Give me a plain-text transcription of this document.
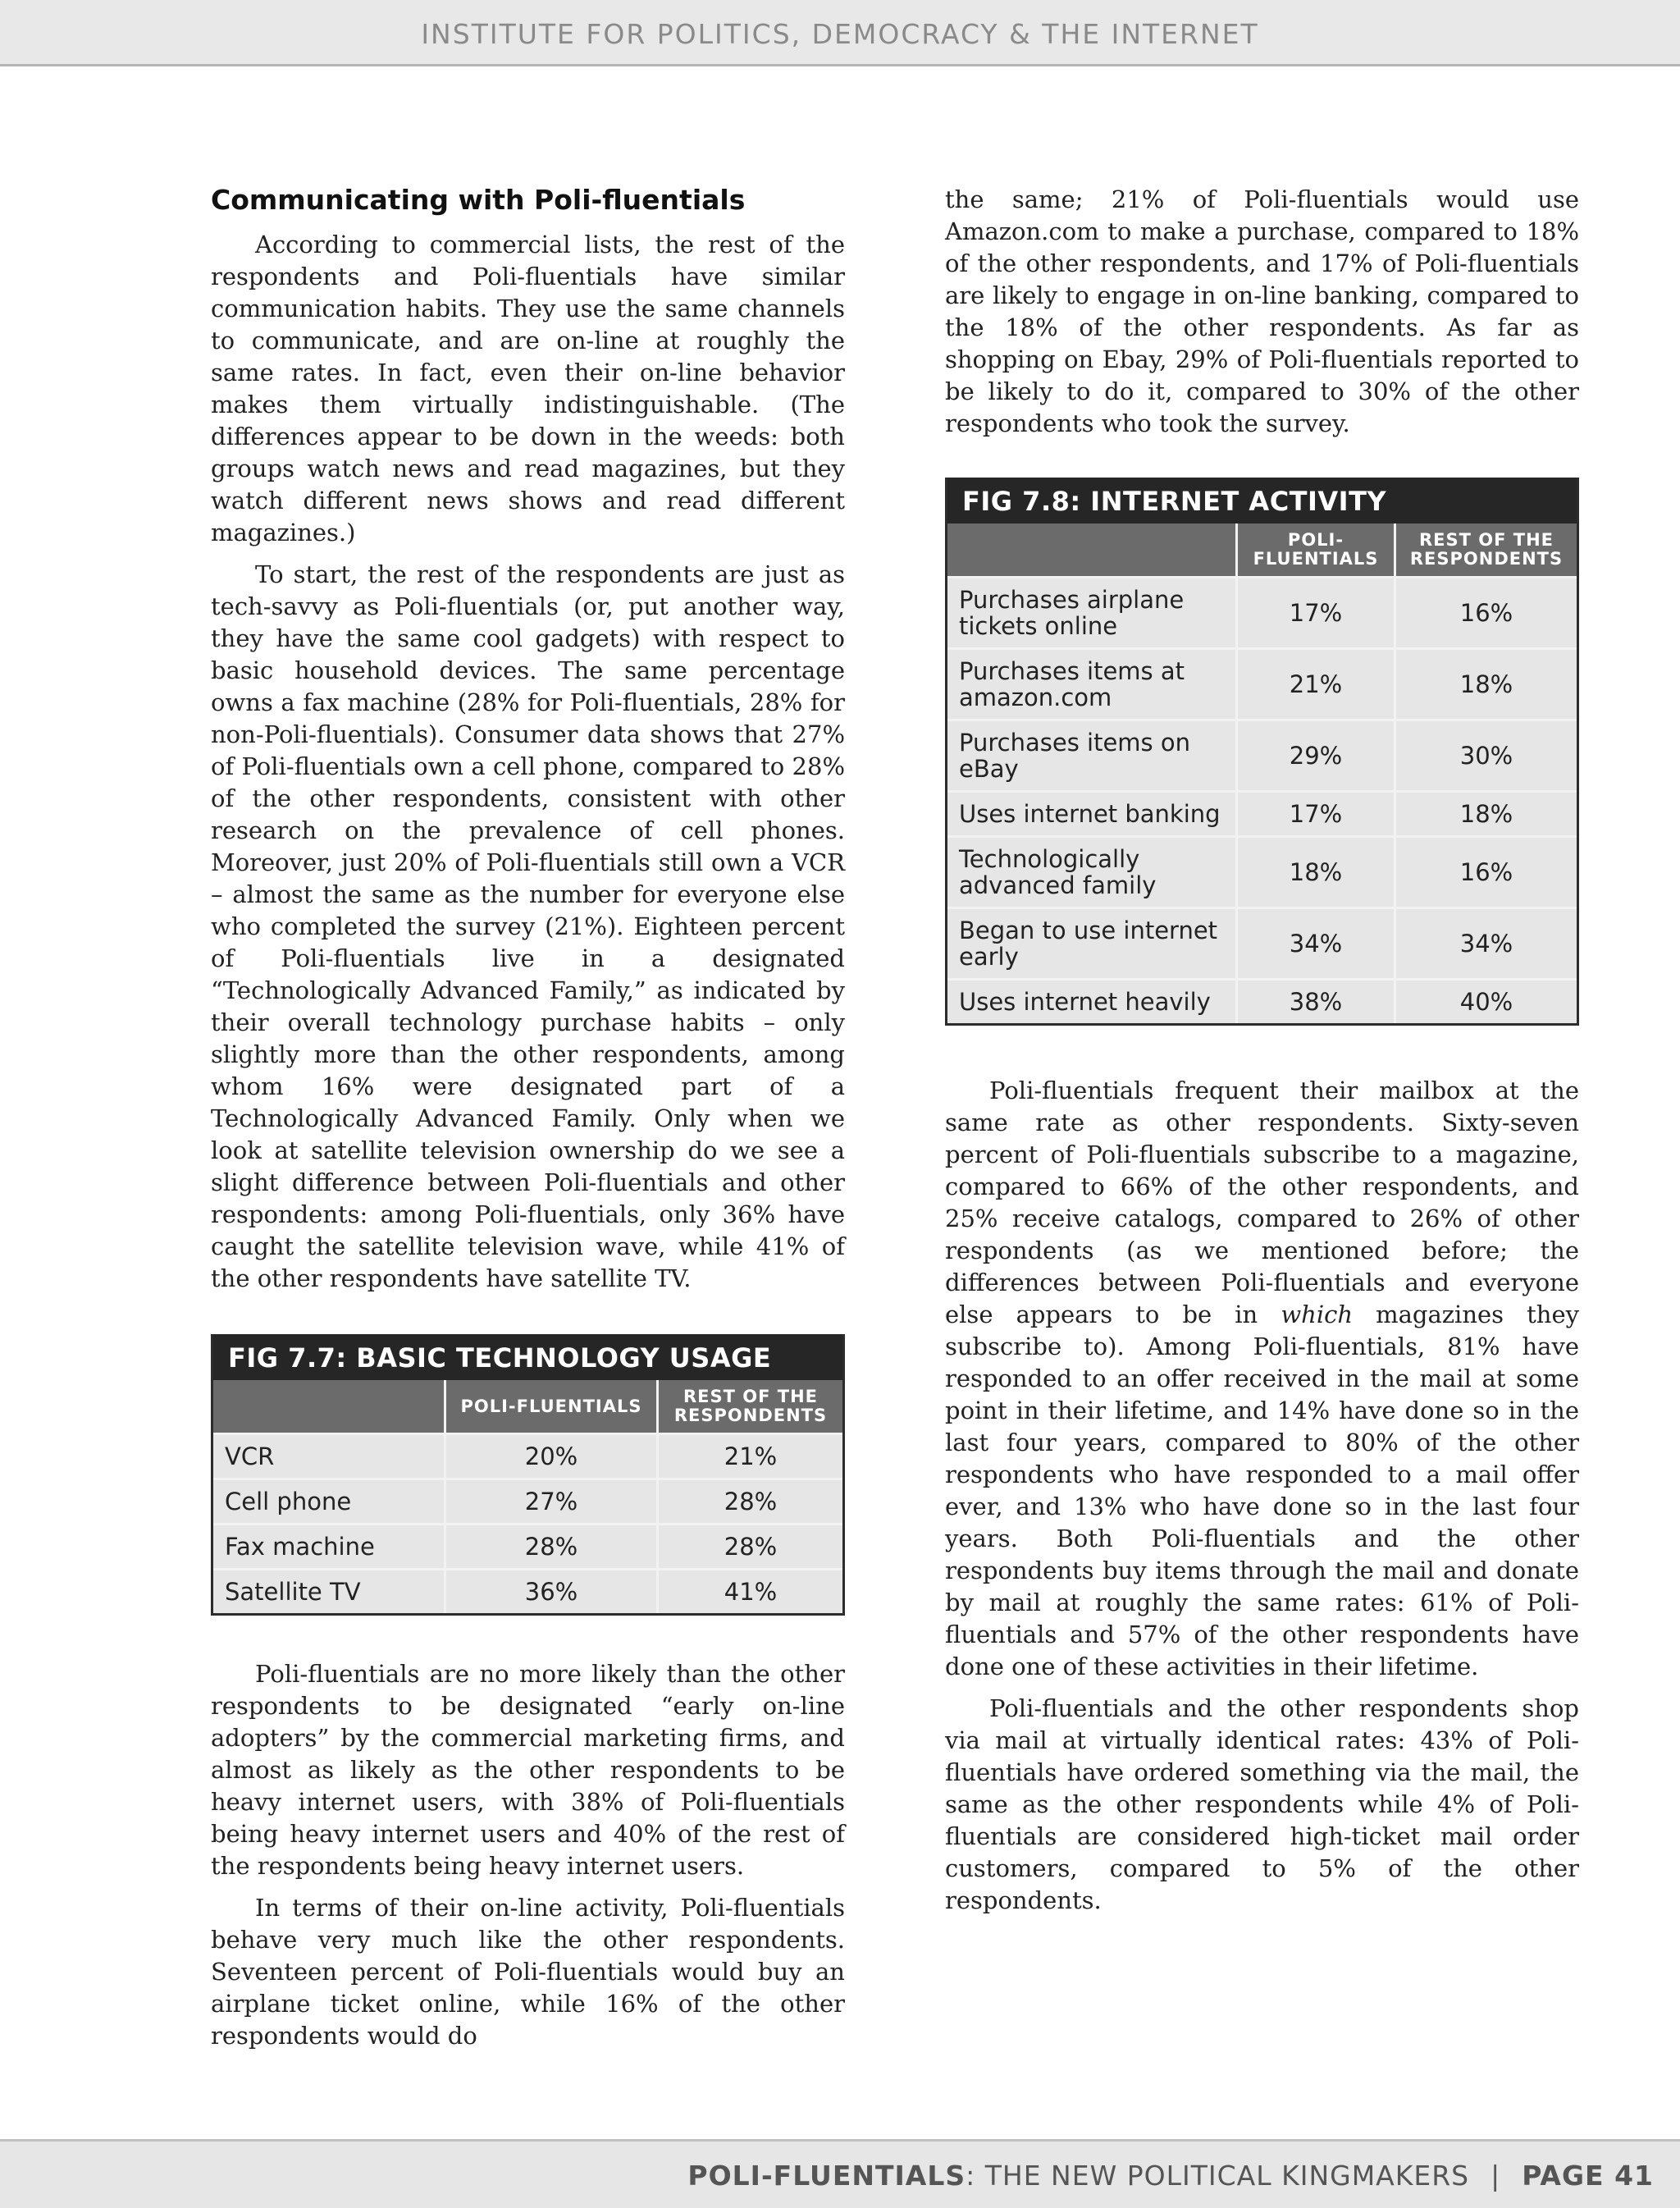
INSTITUTE FOR POLITICS, DEMOCRACY & THE INTERNET
Communicating with Poli-fluentials

According to commercial lists, the rest of the respondents and Poli-fluentials have similar communication habits. They use the same channels to communicate, and are on-line at roughly the same rates. In fact, even their on-line behavior makes them virtually indistinguishable. (The differences appear to be down in the weeds: both groups watch news and read magazines, but they watch different news shows and read different magazines.)

To start, the rest of the respondents are just as tech-savvy as Poli-fluentials (or, put another way, they have the same cool gadgets) with respect to basic household devices. The same percentage owns a fax machine (28% for Poli-fluentials, 28% for non-Poli-fluentials). Consumer data shows that 27% of Poli-fluentials own a cell phone, compared to 28% of the other respondents, consistent with other research on the prevalence of cell phones. Moreover, just 20% of Poli-fluentials still own a VCR – almost the same as the number for everyone else who completed the survey (21%). Eighteen percent of Poli-fluentials live in a designated “Technologically Advanced Family,” as indicated by their overall technology purchase habits – only slightly more than the other respondents, among whom 16% were designated part of a Technologically Advanced Family. Only when we look at satellite television ownership do we see a slight difference between Poli-fluentials and other respondents: among Poli-fluentials, only 36% have caught the satellite television wave, while 41% of the other respondents have satellite TV.

FIG 7.7: BASIC TECHNOLOGY USAGE
	POLI-FLUENTIALS	REST OF THE
RESPONDENTS
VCR	20%	21%
Cell phone	27%	28%
Fax machine	28%	28%
Satellite TV	36%	41%

Poli-fluentials are no more likely than the other respondents to be designated “early on-line adopters” by the commercial marketing firms, and almost as likely as the other respondents to be heavy internet users, with 38% of Poli-fluentials being heavy internet users and 40% of the rest of the respondents being heavy internet users.

In terms of their on-line activity, Poli-fluentials behave very much like the other respondents. Seventeen percent of Poli-fluentials would buy an airplane ticket online, while 16% of the other respondents would do

the same; 21% of Poli-fluentials would use Amazon.com to make a purchase, compared to 18% of the other respondents, and 17% of Poli-fluentials are likely to engage in on-line banking, compared to the 18% of the other respondents. As far as shopping on Ebay, 29% of Poli-fluentials reported to be likely to do it, compared to 30% of the other respondents who took the survey.

FIG 7.8: INTERNET ACTIVITY
	POLI-
FLUENTIALS	REST OF THE
RESPONDENTS
Purchases airplane
tickets online	17%	16%
Purchases items at
amazon.com	21%	18%
Purchases items on
eBay	29%	30%
Uses internet banking	17%	18%
Technologically
advanced family	18%	16%
Began to use internet
early	34%	34%
Uses internet heavily	38%	40%

Poli-fluentials frequent their mailbox at the same rate as other respondents. Sixty-seven percent of Poli-fluentials subscribe to a magazine, compared to 66% of the other respondents, and 25% receive catalogs, compared to 26% of other respondents (as we mentioned before; the differences between Poli-fluentials and everyone else appears to be in which magazines they subscribe to). Among Poli-fluentials, 81% have responded to an offer received in the mail at some point in their lifetime, and 14% have done so in the last four years, compared to 80% of the other respondents who have responded to a mail offer ever, and 13% who have done so in the last four years. Both Poli-fluentials and the other respondents buy items through the mail and donate by mail at roughly the same rates: 61% of Poli-fluentials and 57% of the other respondents have done one of these activities in their lifetime.

Poli-fluentials and the other respondents shop via mail at virtually identical rates: 43% of Poli-fluentials have ordered something via the mail, the same as the other respondents while 4% of Poli-fluentials are considered high-ticket mail order customers, compared to 5% of the other respondents.

POLI-FLUENTIALS: THE NEW POLITICAL KINGMAKERS | PAGE 41
